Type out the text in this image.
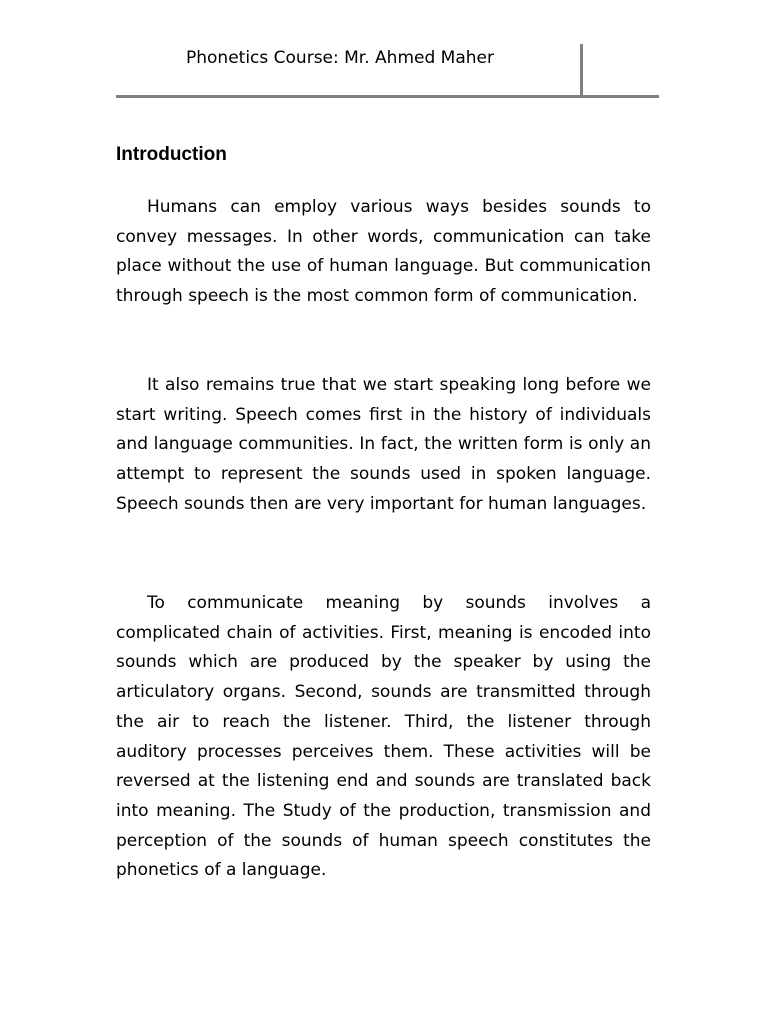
Phonetics Course: Mr. Ahmed Maher
Introduction

Humans can employ various ways besides sounds to convey messages. In other words, communication can take place without the use of human language. But communication through speech is the most common form of communication.

It also remains true that we start speaking long before we start writing. Speech comes first in the history of individuals and language communities. In fact, the written form is only an attempt to represent the sounds used in spoken language. Speech sounds then are very important for human languages.

To communicate meaning by sounds involves a complicated chain of activities. First, meaning is encoded into sounds which are produced by the speaker by using the articulatory organs. Second, sounds are transmitted through the air to reach the listener. Third, the listener through auditory processes perceives them. These activities will be reversed at the listening end and sounds are translated back into meaning. The Study of the production, transmission and perception of the sounds of human speech constitutes the phonetics of a language.
